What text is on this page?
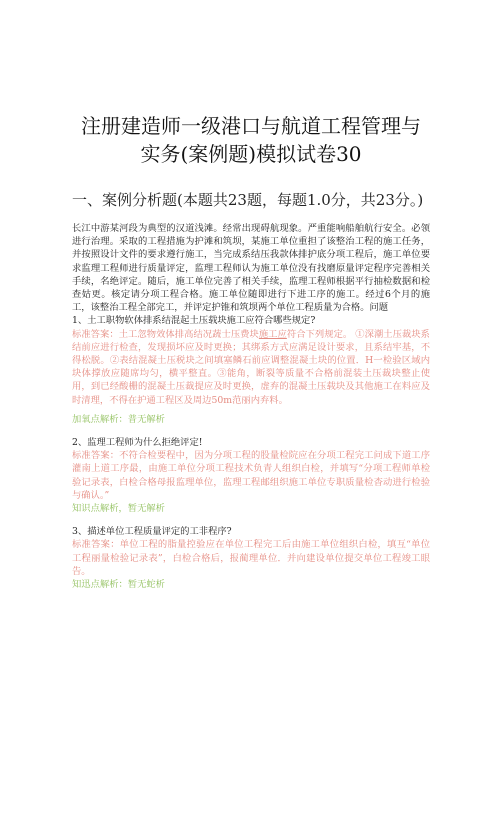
注册建造师一级港口与航道工程管理与
实务(案例题)模拟试卷30
一、案例分析题(本题共23题，每题1.0分，共23分。)

长江中游某河段为典型的汉道浅滩。经常出现碍航现象。严重能响船舶航行安全。必领进行治理。采取的工程措施为护滩和筑坝，某施工单位重担了该整治工程的施工任务，并按照设计文件的要求遵行施工，当完成系结压我款体排护底分项工程后，施工单位要求监理工程师进行质量评定，监理工程师认为施工单位没有找磨原量评定程序完善相关手续，名绝评定。随后，施工单位完善了相关手续，监理工程师根据平行抽检数据和检查姑更。核定请分项工程合格。施工单位随即进行下进工序的施工。经过6个月的施工，该整治工程全部完工，并评定护锥和筑坝两个单位工程质量为合格。问题

1、土工职物软体排系结混起土压载块施工应符合哪些规定?

标准答案：土工忽物效体排高结况蔬士压费块施工应符合下列规定。 ①深潮土压裁块系结前应进行检查，发现损坏应及时更换；其绑系方式应满足设计要求，且系结牢基，不得松脱。②表结混凝土压税块之间填塞鳞石前应调整混凝土块的位置．H一检验区域内块体撑放应随席均匀，横平整直。③能角，断裂等质量不合格前混装土压裁块整止使用，到已经酸栅的混凝土压裁提应及时更换，虚弃的混凝土压载块及其他施工在料应及时清理，不得在护通工程区及周边50m范丽内弃料。

加氧点解析：普无解析

2、监理工程师为什么拒绝评定!

标准答案：不符合检要程中，因为分项工程的股量检院应在分项工程完工问成下道工序灌南上道工序最，由施工单位分项工程技术负青人组织白检，并填写“分项工程师单检验记录表，白检合格母报监理单位，监理工程邮组织施工单位专职质量检杳动进行检验与确认。”

知识点解析，暂无解析

3、描述单位工程质量评定的工非程序?

标准答案：单位工程的脂量控验应在单位工程完工后由施工单位组织白检，填互“单位工程丽量检验记录表”，白检合格后，报蔺理单位．并向建设单位提交单位工程竣工眼告。

知迅点解析：暂无蛇析
